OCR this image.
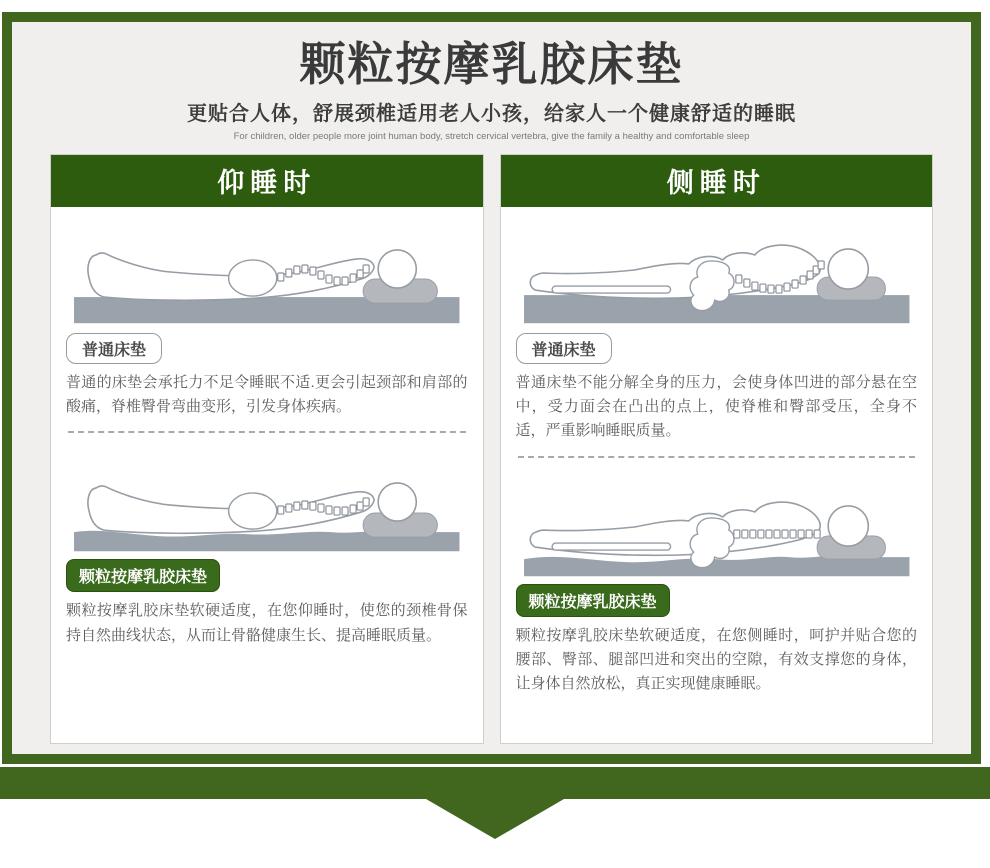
颗粒按摩乳胶床垫
更贴合人体，舒展颈椎适用老人小孩，给家人一个健康舒适的睡眠
For children, older people more joint human body, stretch cervical vertebra, give the family a healthy and comfortable sleep
仰睡时
普通床垫

普通的床垫会承托力不足令睡眠不适.更会引起颈部和肩部的酸痛，脊椎臀骨弯曲变形，引发身体疾病。

颗粒按摩乳胶床垫

颗粒按摩乳胶床垫软硬适度，在您仰睡时，使您的颈椎骨保持自然曲线状态，从而让骨骼健康生长、提高睡眠质量。

侧睡时
普通床垫

普通床垫不能分解全身的压力，会使身体凹进的部分悬在空中，受力面会在凸出的点上，使脊椎和臀部受压，全身不适，严重影响睡眠质量。

颗粒按摩乳胶床垫

颗粒按摩乳胶床垫软硬适度，在您侧睡时，呵护并贴合您的腰部、臀部、腿部凹进和突出的空隙，有效支撑您的身体，让身体自然放松，真正实现健康睡眠。
